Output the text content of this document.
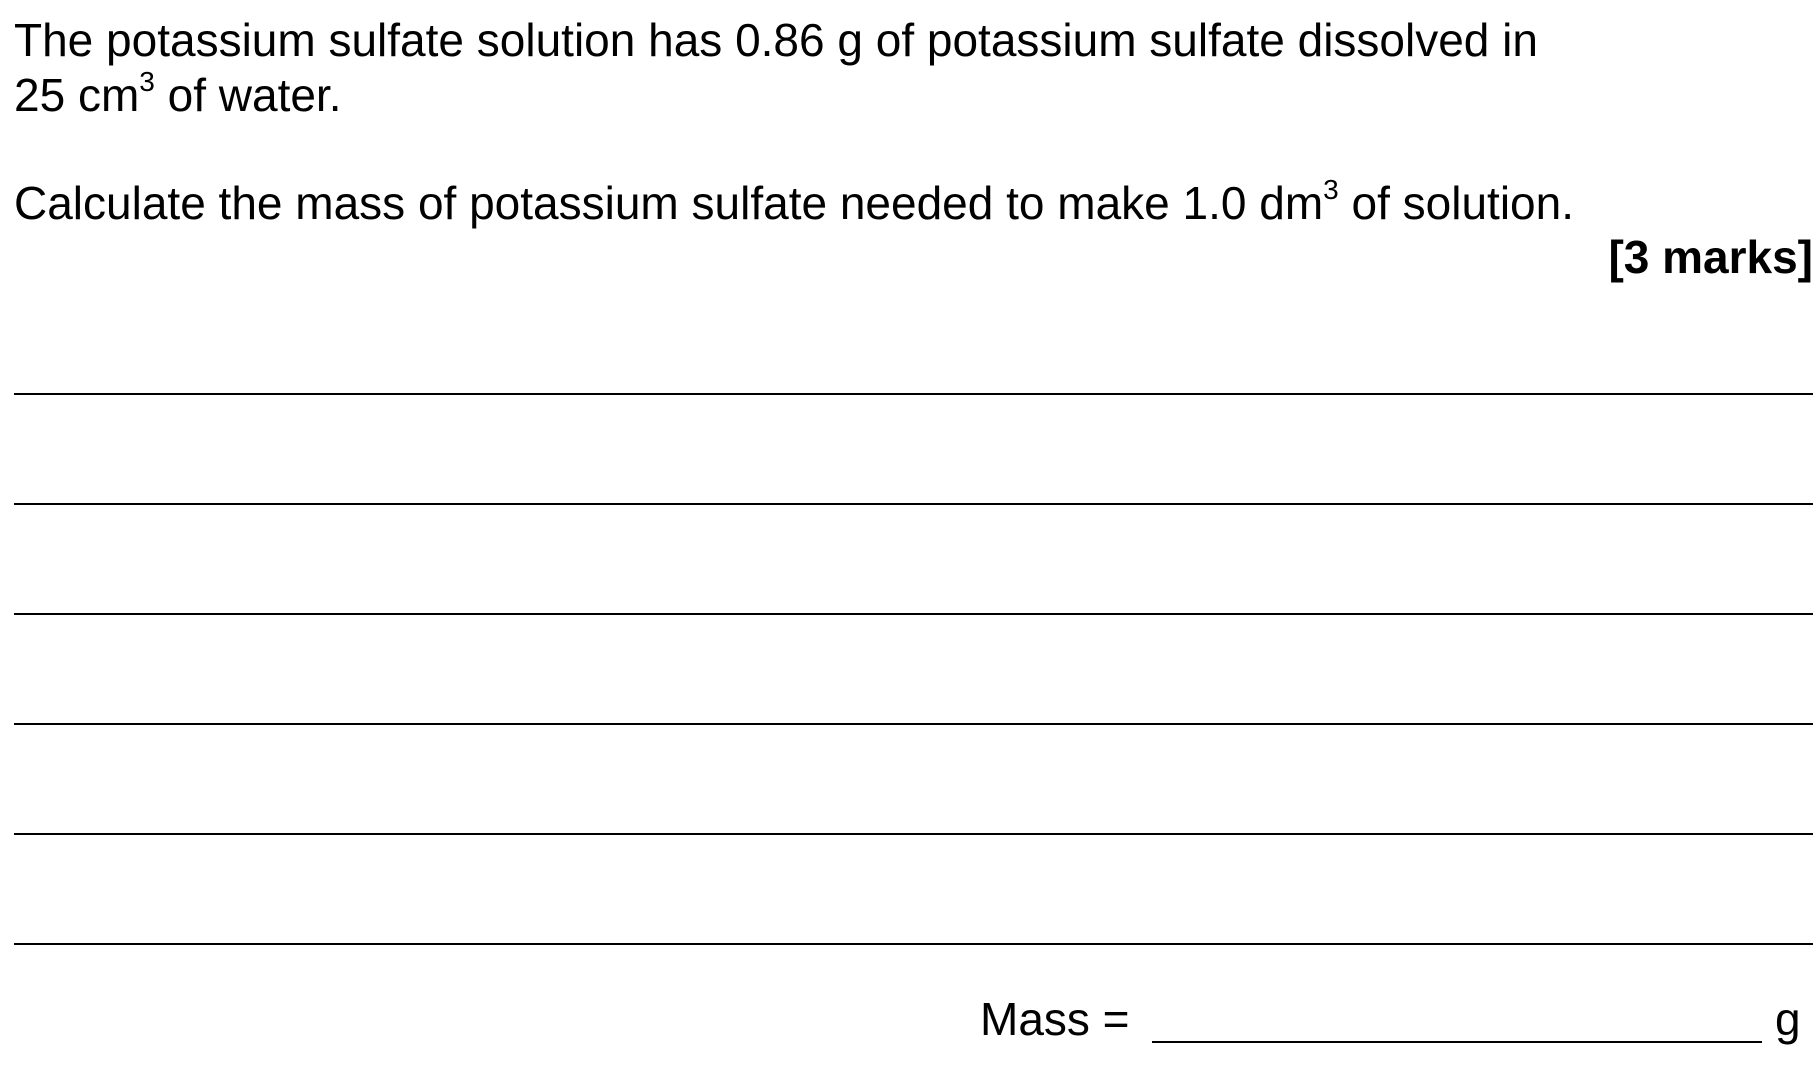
The potassium sulfate solution has 0.86 g of potassium sulfate dissolved in

25 $cm^3$ of water.

Calculate the mass of potassium sulfate needed to make 1.0 $dm^3$ of solution.

[3 marks]
Mass =	g
